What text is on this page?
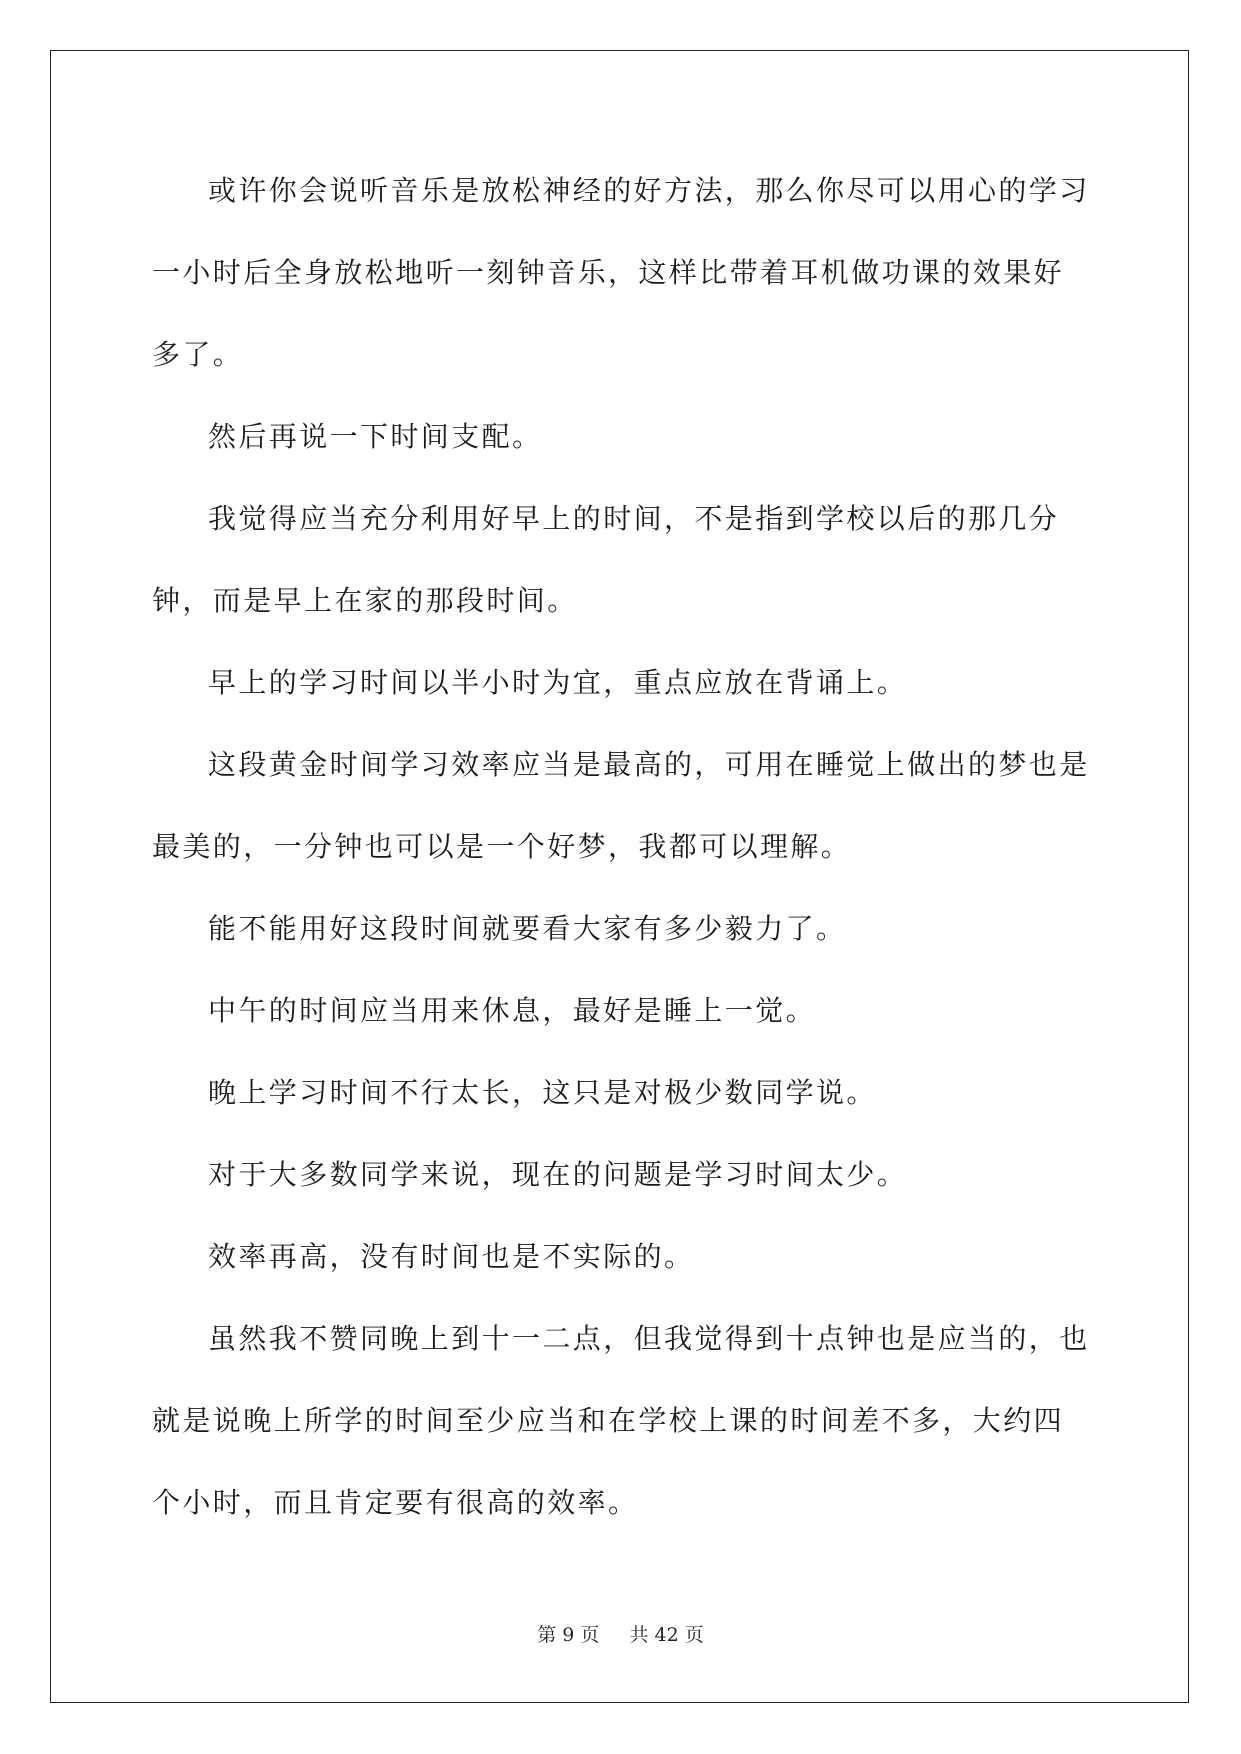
或许你会说听音乐是放松神经的好方法，那么你尽可以用心的学习一小时后全身放松地听一刻钟音乐，这样比带着耳机做功课的效果好多了。

然后再说一下时间支配。

我觉得应当充分利用好早上的时间，不是指到学校以后的那几分钟，而是早上在家的那段时间。

早上的学习时间以半小时为宜，重点应放在背诵上。

这段黄金时间学习效率应当是最高的，可用在睡觉上做出的梦也是最美的，一分钟也可以是一个好梦，我都可以理解。

能不能用好这段时间就要看大家有多少毅力了。

中午的时间应当用来休息，最好是睡上一觉。

晚上学习时间不行太长，这只是对极少数同学说。

对于大多数同学来说，现在的问题是学习时间太少。

效率再高，没有时间也是不实际的。

虽然我不赞同晚上到十一二点，但我觉得到十点钟也是应当的，也就是说晚上所学的时间至少应当和在学校上课的时间差不多，大约四个小时，而且肯定要有很高的效率。

第 9 页 共 42 页
